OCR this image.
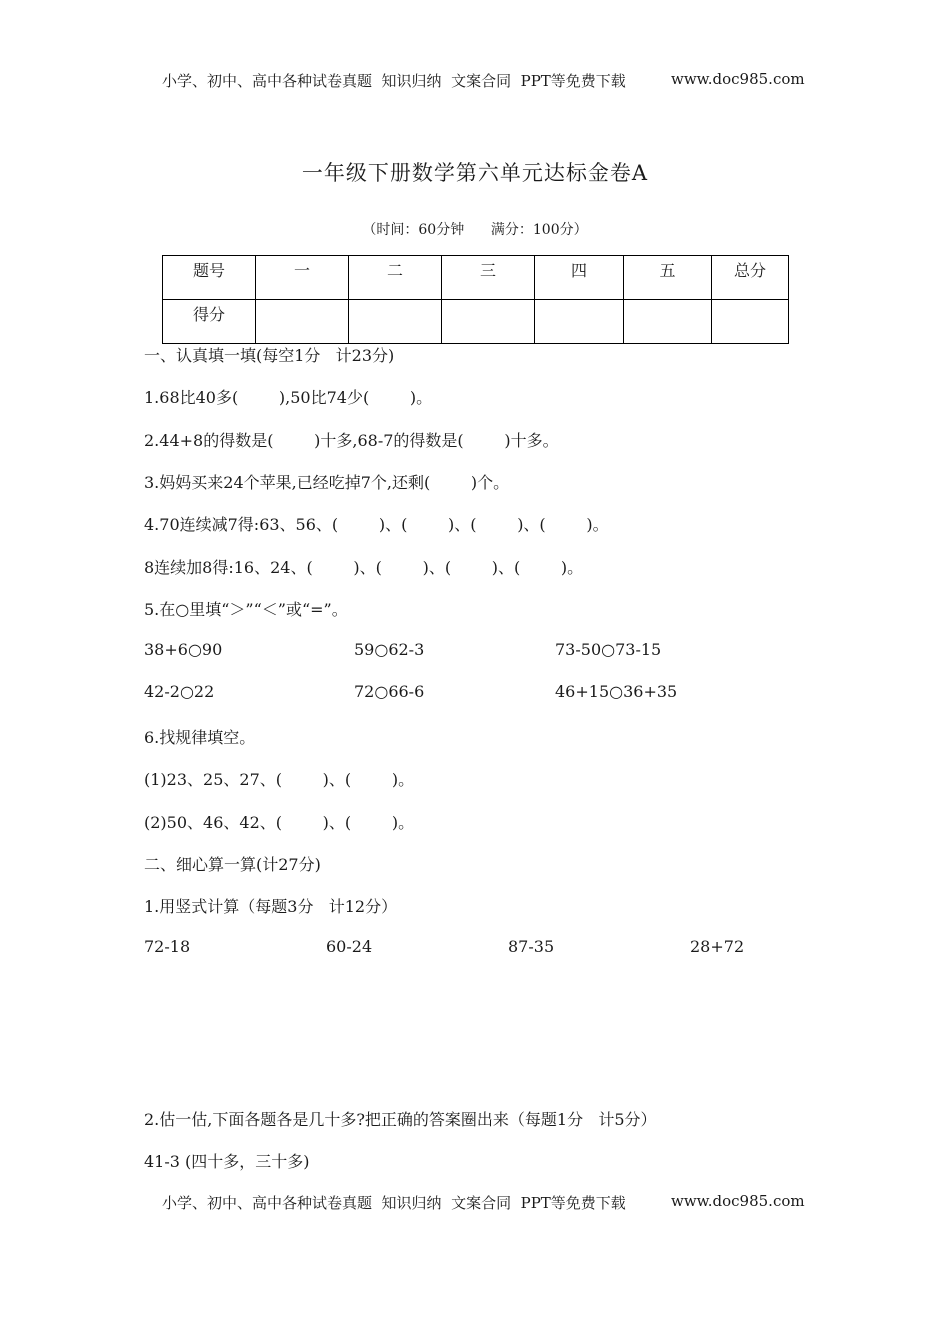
小学、初中、高中各种试卷真题  知识归纳  文案合同  PPT等免费下载	www.doc985.com
一年级下册数学第六单元达标金卷A
（时间：60分钟      满分：100分）
题号	一	二	三	四	五	总分
得分						
一、认真填一填(每空1分   计23分)
1.68比40多(        ),50比74少(        )。
2.44+8的得数是(        )十多,68-7的得数是(        )十多。
3.妈妈买来24个苹果,已经吃掉7个,还剩(        )个。
4.70连续减7得:63、56、(        )、(        )、(        )、(        )。
8连续加8得:16、24、(        )、(        )、(        )、(        )。
5.在○里填“＞”“＜”或“=”。
38+6○90	59○62-3	73-50○73-15
42-2○22	72○66-6	46+15○36+35
6.找规律填空。
(1)23、25、27、(        )、(        )。
(2)50、46、42、(        )、(        )。
二、细心算一算(计27分)
1.用竖式计算（每题3分   计12分）
72-18	60-24	87-35	28+72
2.估一估,下面各题各是几十多?把正确的答案圈出来（每题1分   计5分）
41-3 (四十多，三十多)
小学、初中、高中各种试卷真题  知识归纳  文案合同  PPT等免费下载	www.doc985.com
